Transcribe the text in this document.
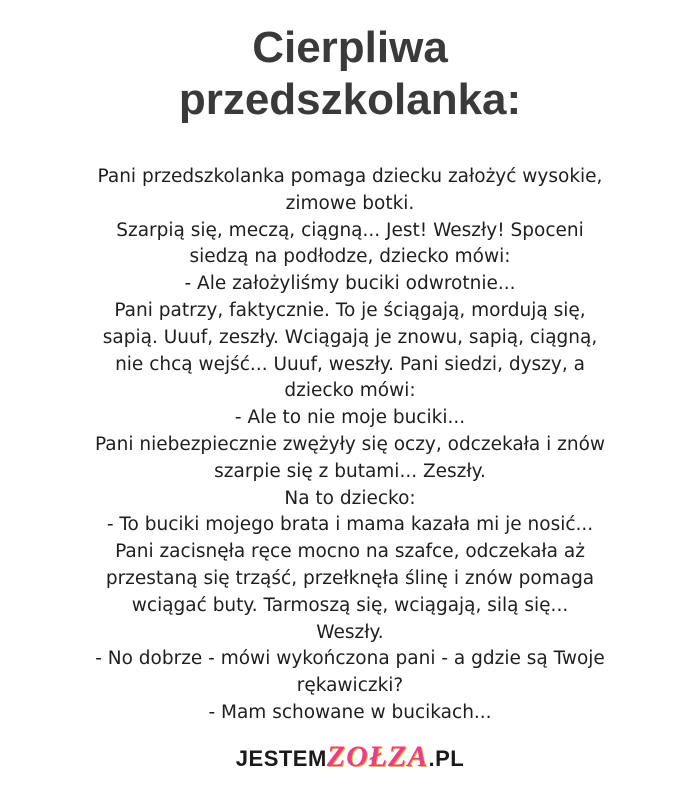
Cierpliwa
przedszkolanka:
Pani przedszkolanka pomaga dziecku założyć wysokie,
zimowe botki.
Szarpią się, meczą, ciągną... Jest! Weszły! Spoceni
siedzą na podłodze, dziecko mówi:
- Ale założyliśmy buciki odwrotnie...
Pani patrzy, faktycznie. To je ściągają, mordują się,
sapią. Uuuf, zeszły. Wciągają je znowu, sapią, ciągną,
nie chcą wejść... Uuuf, weszły. Pani siedzi, dyszy, a
dziecko mówi:
- Ale to nie moje buciki...
Pani niebezpiecznie zwężyły się oczy, odczekała i znów
szarpie się z butami... Zeszły.
Na to dziecko:
- To buciki mojego brata i mama kazała mi je nosić...
Pani zacisnęła ręce mocno na szafce, odczekała aż
przestaną się trząść, przełknęła ślinę i znów pomaga
wciągać buty. Tarmoszą się, wciągają, silą się...
Weszły.
- No dobrze - mówi wykończona pani - a gdzie są Twoje
rękawiczki?
- Mam schowane w bucikach...
JESTEMZOŁZA.PL
